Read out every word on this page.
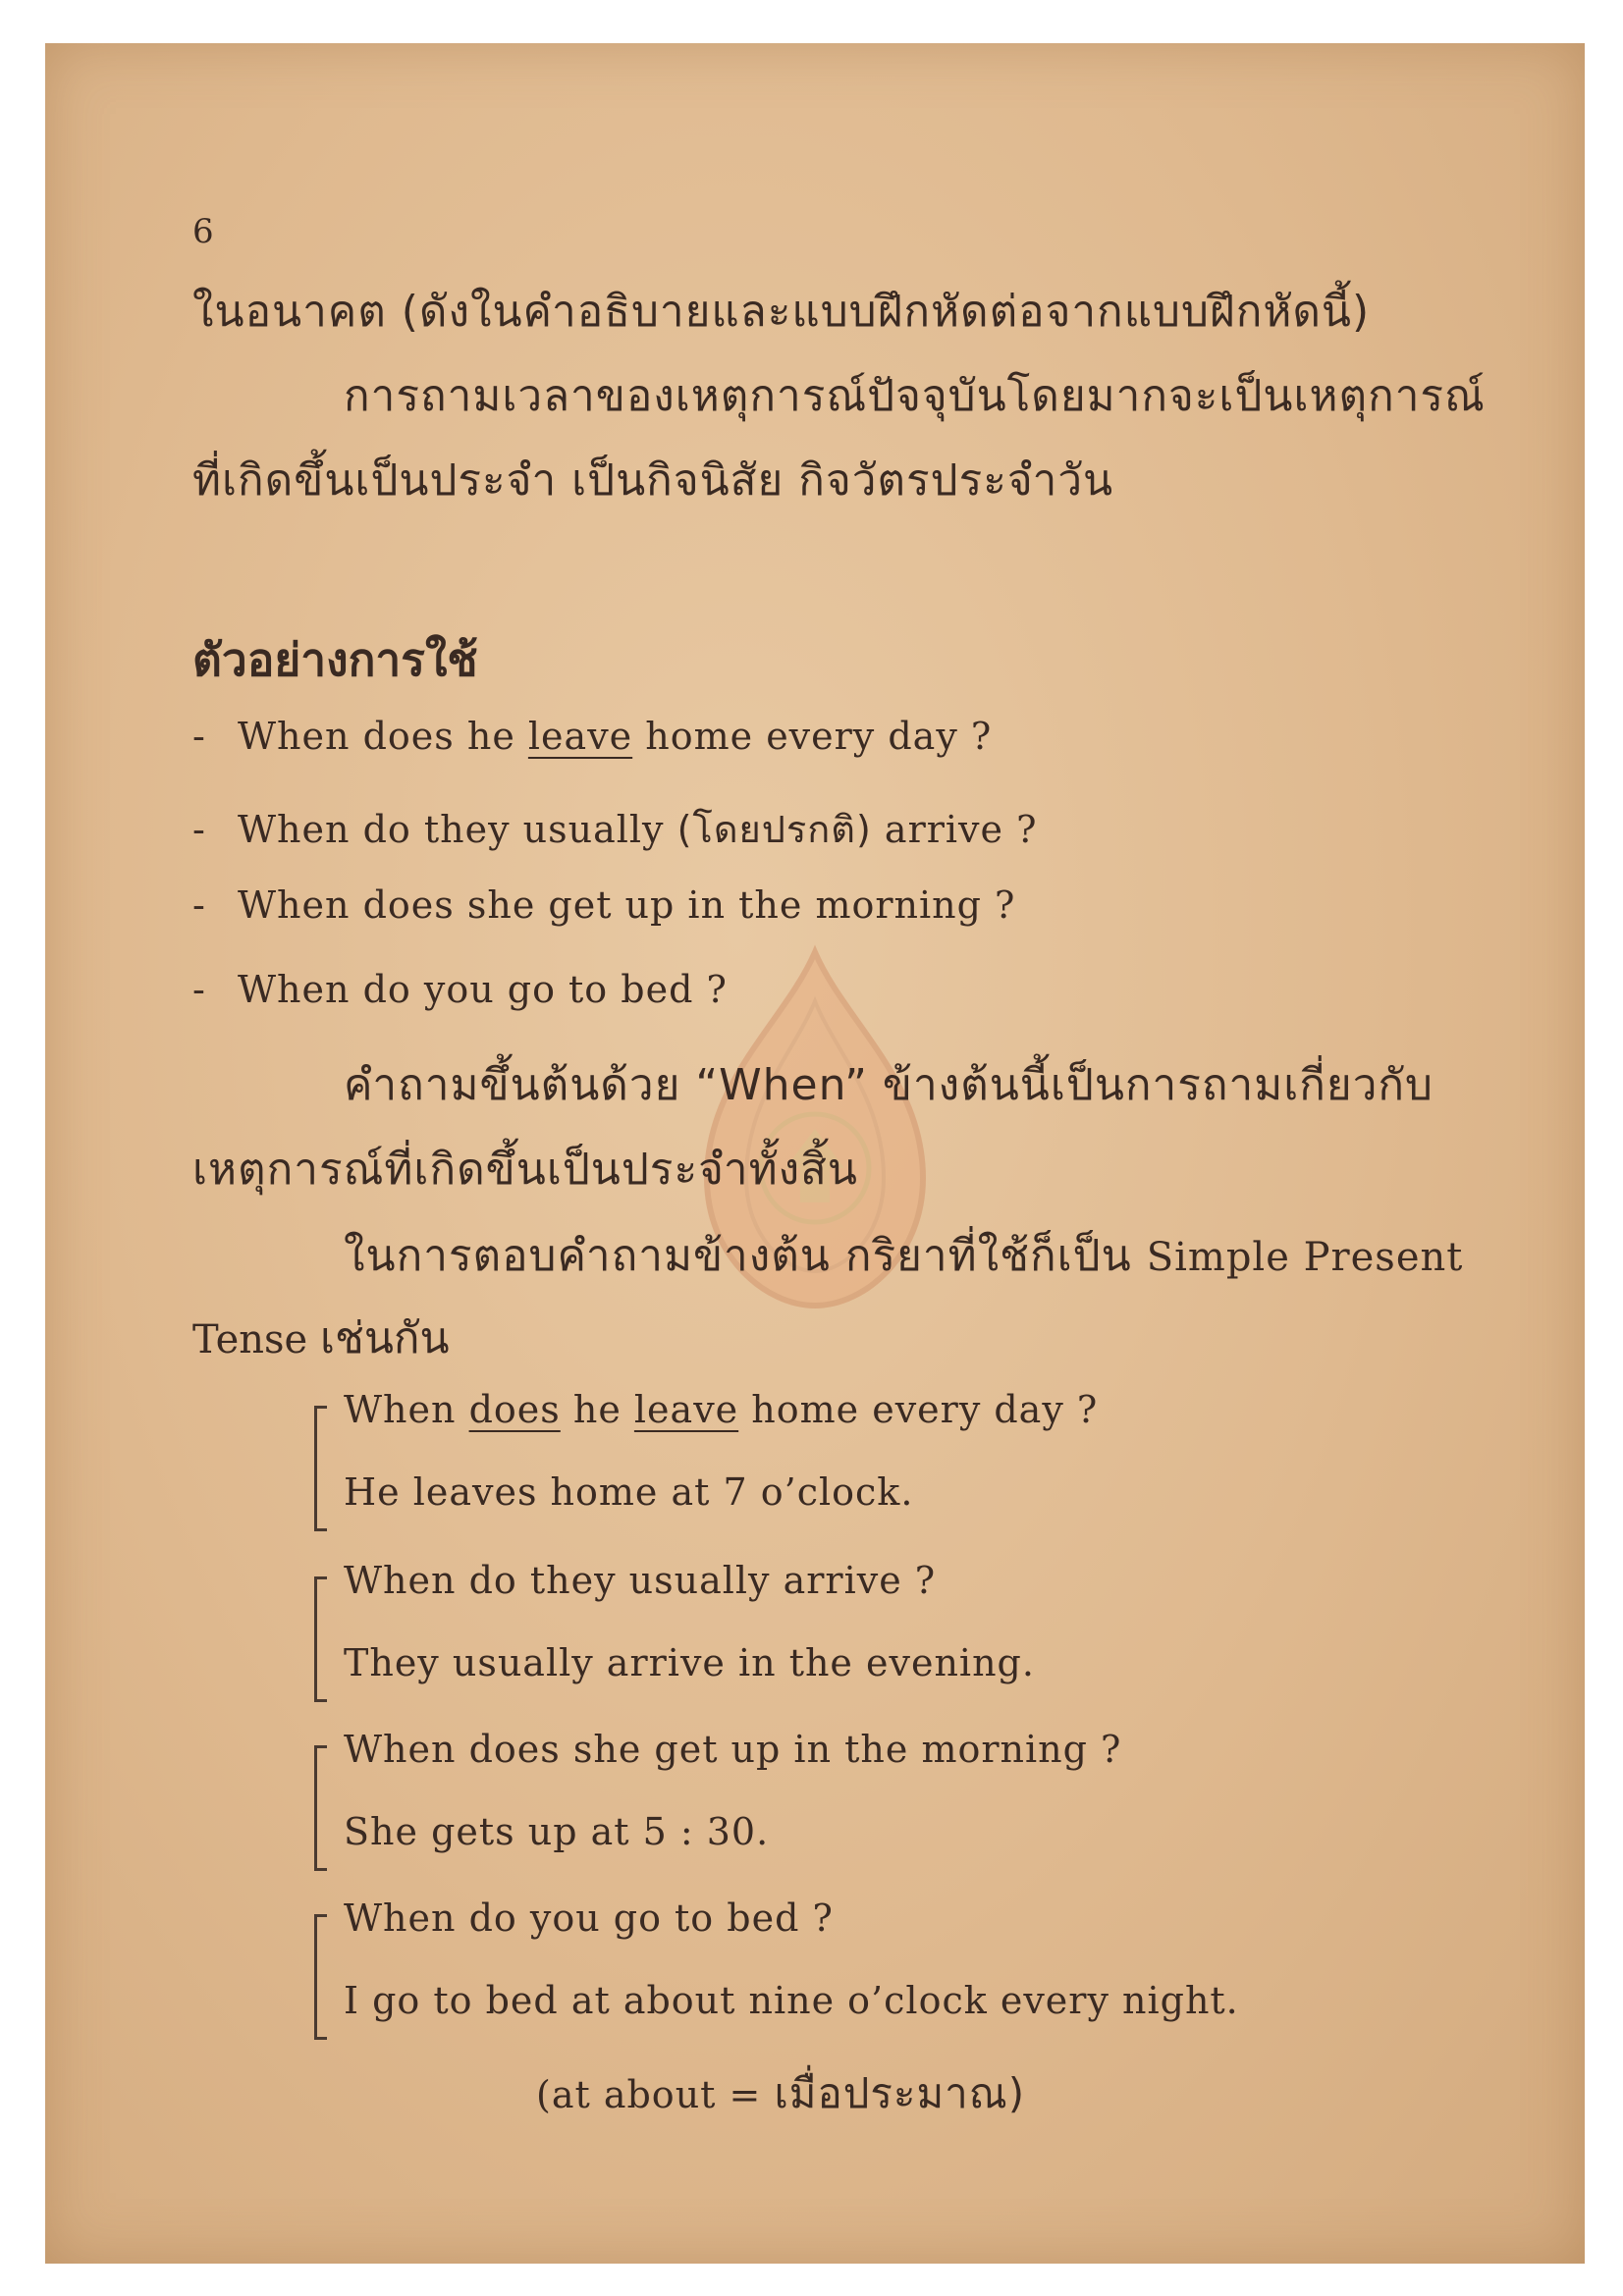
6
ในอนาคต (ดังในคำอธิบายและแบบฝึกหัดต่อจากแบบฝึกหัดนี้)
การถามเวลาของเหตุการณ์ปัจจุบันโดยมากจะเป็นเหตุการณ์
ที่เกิดขึ้นเป็นประจำ เป็นกิจนิสัย กิจวัตรประจำวัน
ตัวอย่างการใช้
- When does he leave home every day ?
- When do they usually (โดยปรกติ) arrive ?
- When does she get up in the morning ?
- When do you go to bed ?
คำถามขึ้นต้นด้วย “When” ข้างต้นนี้เป็นการถามเกี่ยวกับ
เหตุการณ์ที่เกิดขึ้นเป็นประจำทั้งสิ้น
ในการตอบคำถามข้างต้น กริยาที่ใช้ก็เป็น Simple Present
Tense เช่นกัน
When does he leave home every day ?
He leaves home at 7 o’clock.
When do they usually arrive ?
They usually arrive in the evening.
When does she get up in the morning ?
She gets up at 5 : 30.
When do you go to bed ?
I go to bed at about nine o’clock every night.
(at about = เมื่อประมาณ)
